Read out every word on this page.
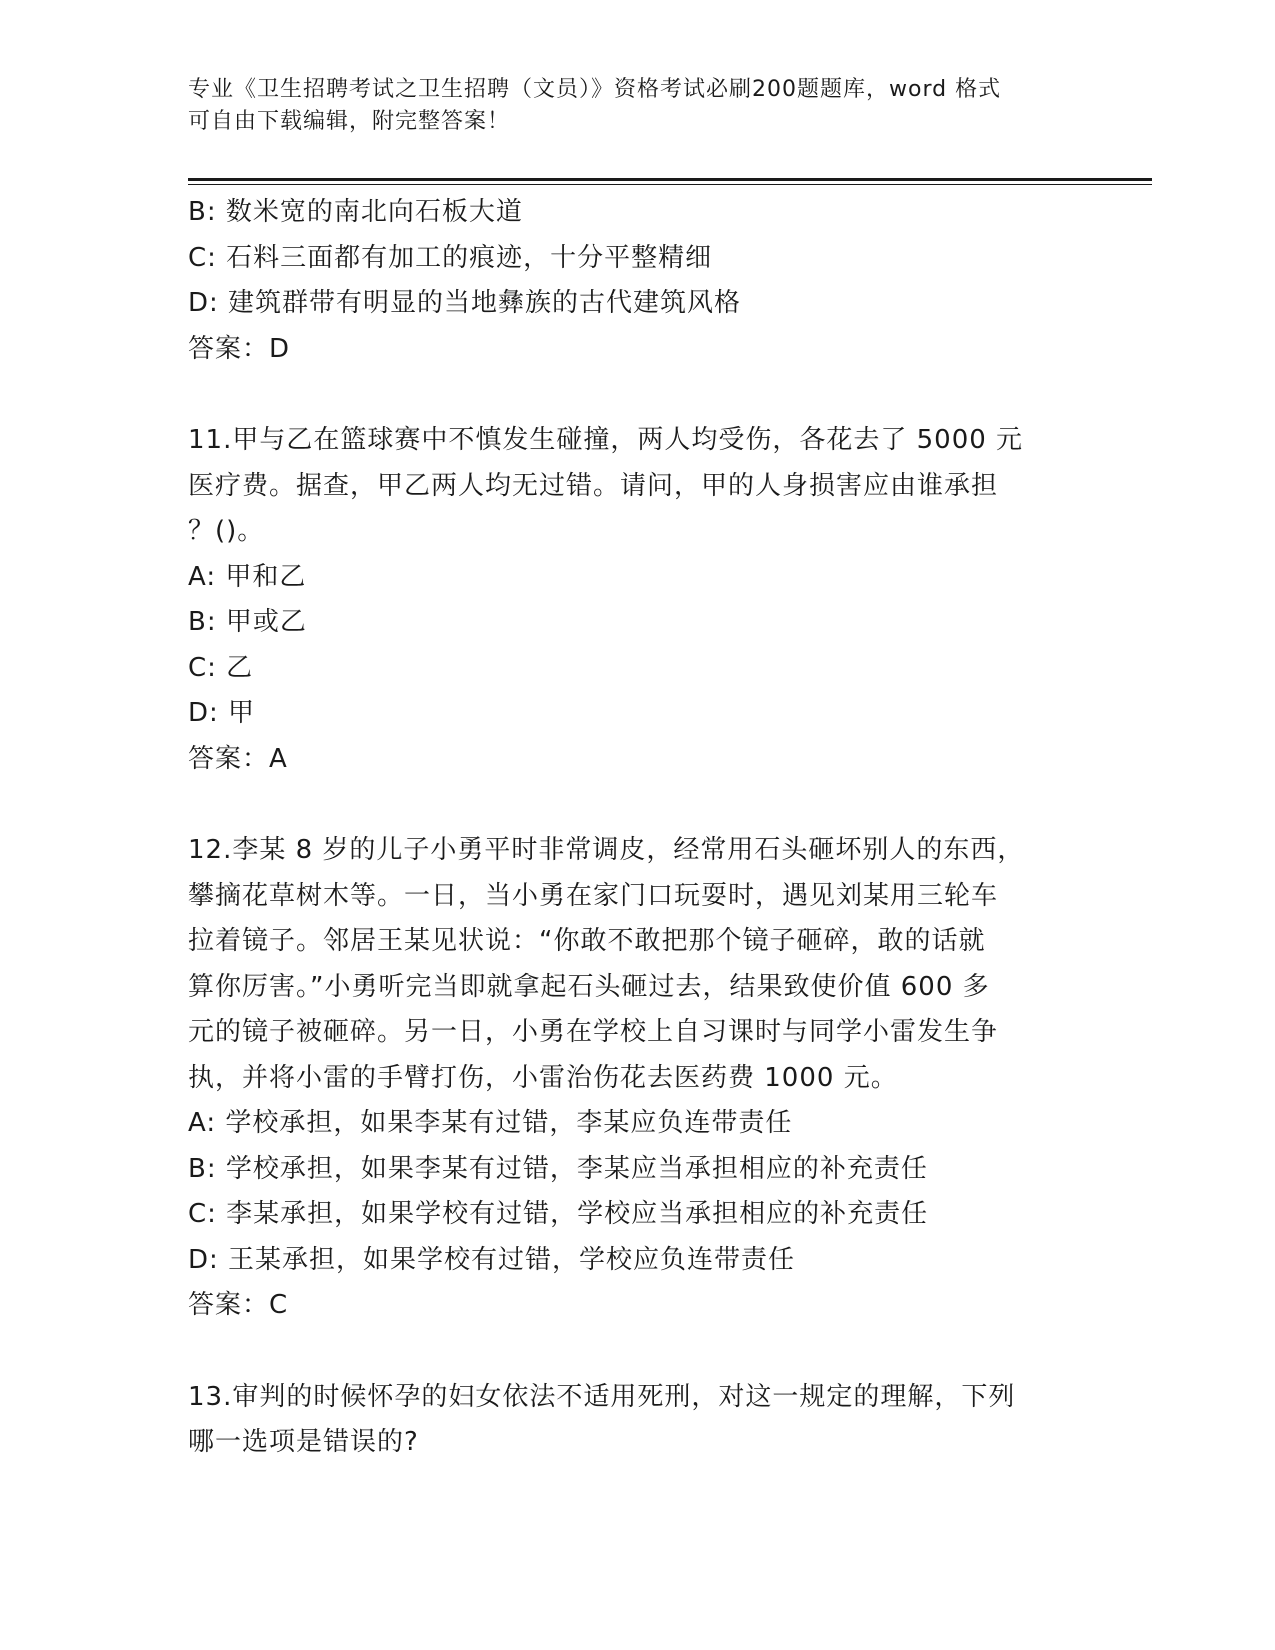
专业《卫生招聘考试之卫生招聘（文员）》资格考试必刷200题题库，word 格式
可自由下载编辑，附完整答案！
B: 数米宽的南北向石板大道
C: 石料三面都有加工的痕迹，十分平整精细
D: 建筑群带有明显的当地彝族的古代建筑风格
答案：D
11.甲与乙在篮球赛中不慎发生碰撞，两人均受伤，各花去了 5000 元
医疗费。据查，甲乙两人均无过错。请问，甲的人身损害应由谁承担
？()。
A: 甲和乙
B: 甲或乙
C: 乙
D: 甲
答案：A
12.李某 8 岁的儿子小勇平时非常调皮，经常用石头砸坏别人的东西，
攀摘花草树木等。一日，当小勇在家门口玩耍时，遇见刘某用三轮车
拉着镜子。邻居王某见状说：“你敢不敢把那个镜子砸碎，敢的话就
算你厉害。”小勇听完当即就拿起石头砸过去，结果致使价值 600 多
元的镜子被砸碎。另一日，小勇在学校上自习课时与同学小雷发生争
执，并将小雷的手臂打伤，小雷治伤花去医药费 1000 元。
A: 学校承担，如果李某有过错，李某应负连带责任
B: 学校承担，如果李某有过错，李某应当承担相应的补充责任
C: 李某承担，如果学校有过错，学校应当承担相应的补充责任
D: 王某承担，如果学校有过错，学校应负连带责任
答案：C
13.审判的时候怀孕的妇女依法不适用死刑，对这一规定的理解，下列
哪一选项是错误的?
